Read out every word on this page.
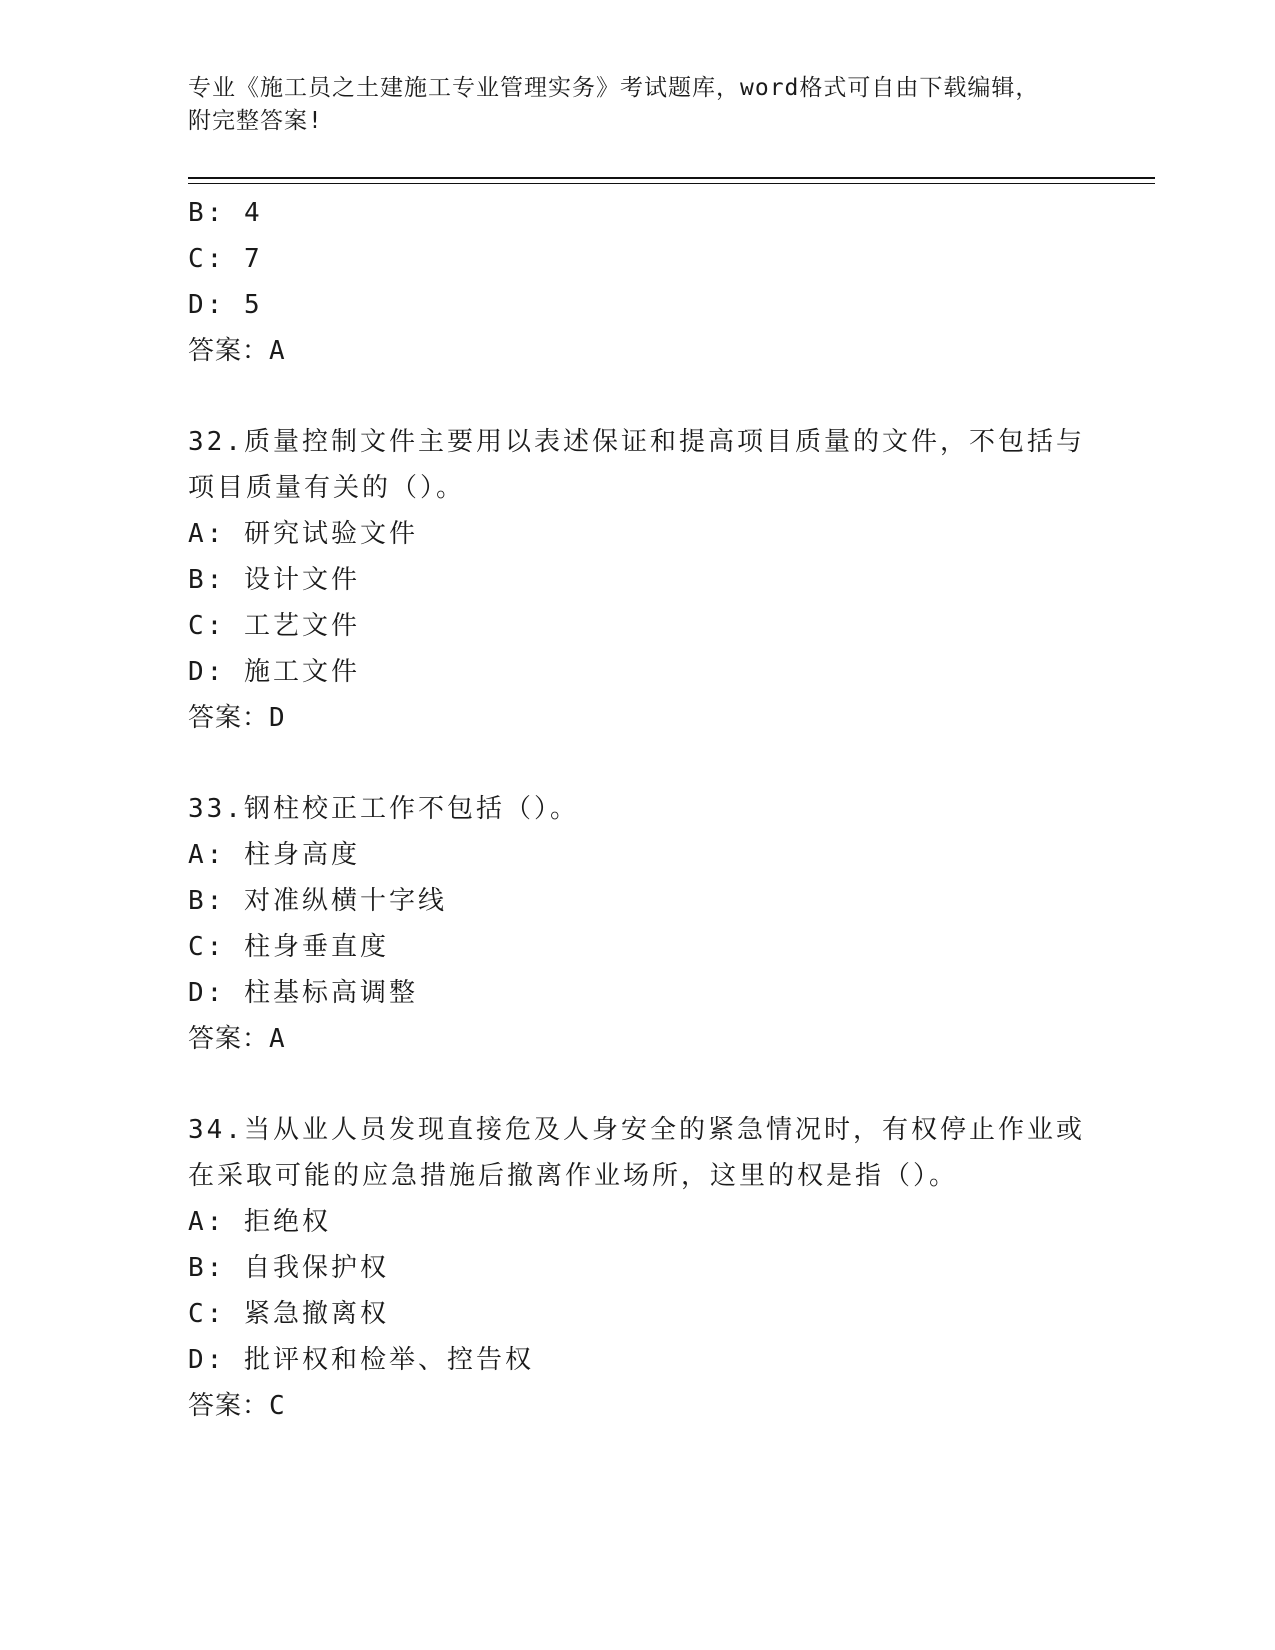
专业《施工员之土建施工专业管理实务》考试题库，word格式可自由下载编辑，
附完整答案!
B: 4
C: 7
D: 5
答案：A
32.质量控制文件主要用以表述保证和提高项目质量的文件，不包括与
项目质量有关的（）。
A: 研究试验文件
B: 设计文件
C: 工艺文件
D: 施工文件
答案：D
33.钢柱校正工作不包括（）。
A: 柱身高度
B: 对准纵横十字线
C: 柱身垂直度
D: 柱基标高调整
答案：A
34.当从业人员发现直接危及人身安全的紧急情况时，有权停止作业或
在采取可能的应急措施后撤离作业场所，这里的权是指（）。
A: 拒绝权
B: 自我保护权
C: 紧急撤离权
D: 批评权和检举、控告权
答案：C
